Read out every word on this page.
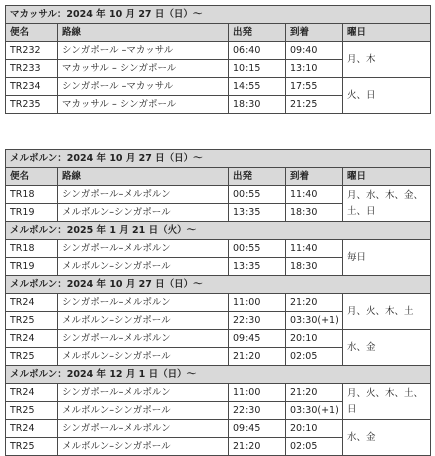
マカッサル：2024 年 10 月 27 日（日）～				
便名	路線	出発	到着	曜日
TR232	シンガポール –マカッサル	06:40	09:40	月、木
TR233	マカッサル – シンガポール	10:15	13:10	
TR234	シンガポール –マカッサル	14:55	17:55	火、日
TR235	マカッサル – シンガポール	18:30	21:25	
メルボルン：2024 年 10 月 27 日（日）～				
便名	路線	出発	到着	曜日
TR18	シンガポール–メルボルン	00:55	11:40	月、水、木、金、土、日
TR19	メルボルン–シンガポール	13:35	18:30	
メルボルン：2025 年 1 月 21 日（火）～				
TR18	シンガポール–メルボルン	00:55	11:40	毎日
TR19	メルボルン–シンガポール	13:35	18:30	
メルボルン：2024 年 10 月 27 日（日）～				
TR24	シンガポール–メルボルン	11:00	21:20	月、火、木、土
TR25	メルボルン–シンガポール	22:30	03:30(+1)	
TR24	シンガポール–メルボルン	09:45	20:10	水、金
TR25	メルボルン–シンガポール	21:20	02:05	
メルボルン：2024 年 12 月 1 日（日）～				
TR24	シンガポール–メルボルン	11:00	21:20	月、火、木、土、日
TR25	メルボルン–シンガポール	22:30	03:30(+1)	
TR24	シンガポール–メルボルン	09:45	20:10	水、金
TR25	メルボルン–シンガポール	21:20	02:05	
